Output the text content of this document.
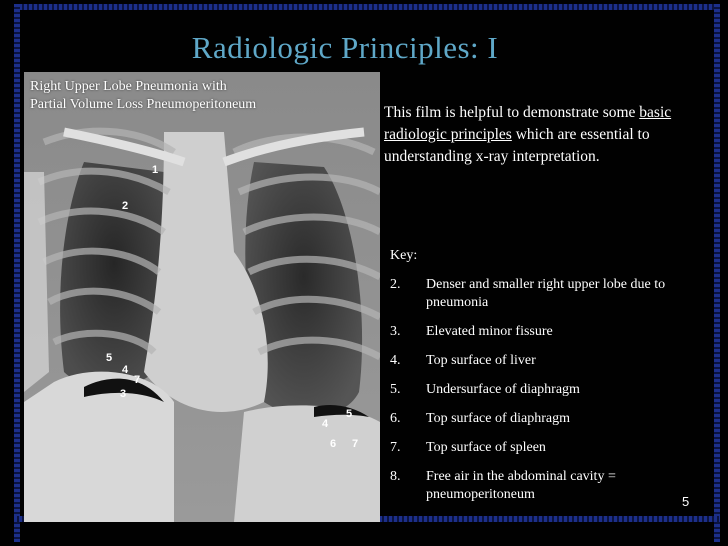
Radiologic Principles: I
Right Upper Lobe Pneumonia with
Partial Volume Loss Pneumoperitoneum
1
2
5
4
7
3
5
4
6 7
This film is helpful to demonstrate some basic radiologic principles which are essential to understanding x-ray interpretation.
Key:
2.	Denser and smaller right upper lobe due to pneumonia
3.	Elevated minor fissure
4.	Top surface of liver
5.	Undersurface of diaphragm
6.	Top surface of diaphragm
7.	Top surface of spleen
8.	Free air in the abdominal cavity = pneumoperitoneum	5
